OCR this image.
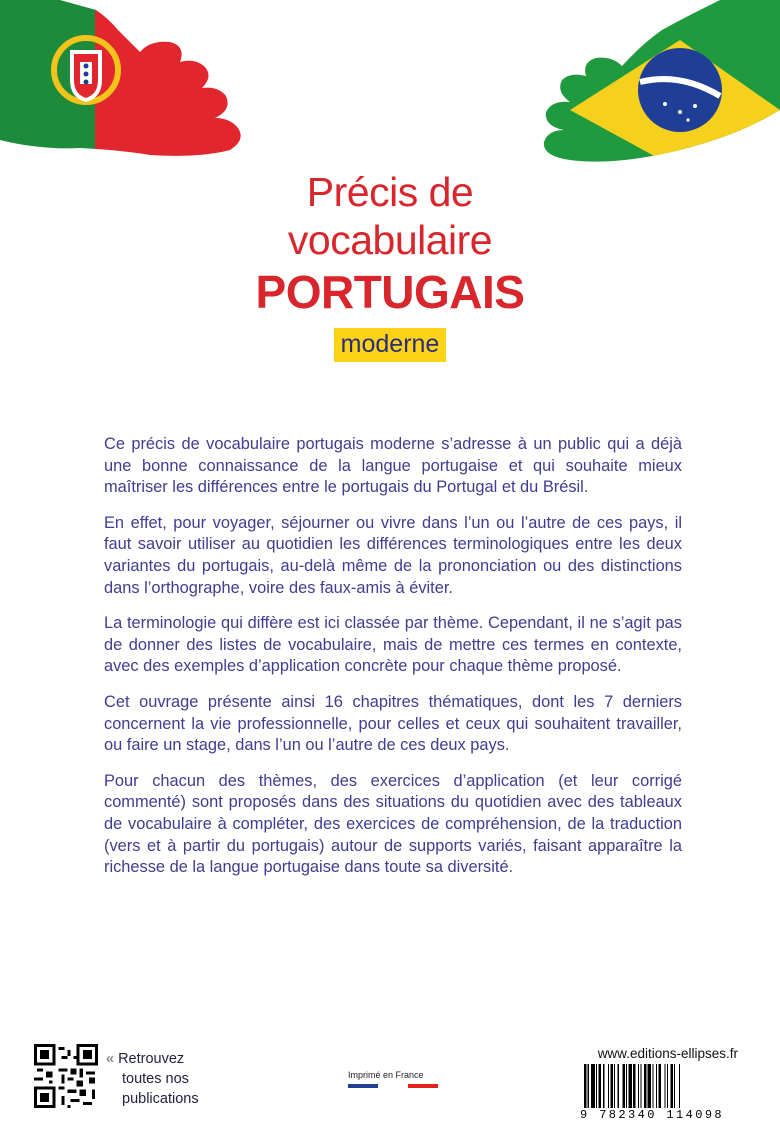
Précis de
vocabulaire
PORTUGAIS
moderne

Ce précis de vocabulaire portugais moderne s’adresse à un public qui a déjà une bonne connaissance de la langue portugaise et qui souhaite mieux maîtriser les différences entre le portugais du Portugal et du Brésil.

En effet, pour voyager, séjourner ou vivre dans l’un ou l’autre de ces pays, il faut savoir utiliser au quotidien les différences terminologiques entre les deux variantes du portugais, au-delà même de la prononciation ou des distinctions dans l’orthographe, voire des faux-amis à éviter.

La terminologie qui diffère est ici classée par thème. Cependant, il ne s’agit pas de donner des listes de vocabulaire, mais de mettre ces termes en contexte, avec des exemples d’application concrète pour chaque thème proposé.

Cet ouvrage présente ainsi 16 chapitres thématiques, dont les 7 derniers concernent la vie professionnelle, pour celles et ceux qui souhaitent travailler, ou faire un stage, dans l’un ou l’autre de ces deux pays.

Pour chacun des thèmes, des exercices d’application (et leur corrigé commenté) sont proposés dans des situations du quotidien avec des tableaux de vocabulaire à compléter, des exercices de compréhension, de la traduction (vers et à partir du portugais) autour de supports variés, faisant apparaître la richesse de la langue portugaise dans toute sa diversité.

« Retrouvez
toutes nos
publications
Imprimé en France
www.editions-ellipses.fr
9 782340 114098
